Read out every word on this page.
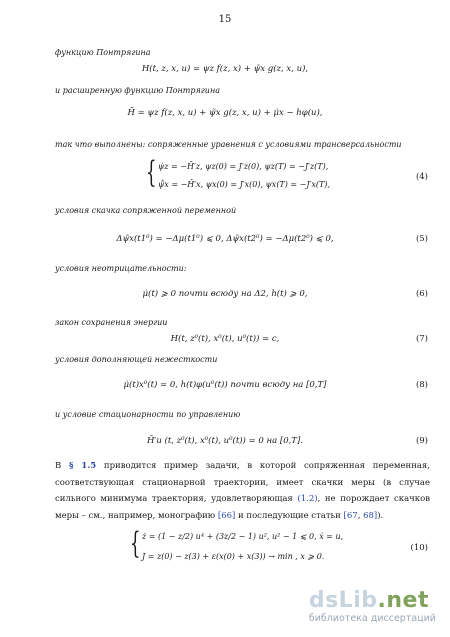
15
функцию Понтрягина
H(t, z, x, u) = ψz f(z, x) + ψ̃x g(z, x, u),
и расширенную функцию Понтрягина
H̄ = ψz f(z, x, u) + ψ̃x g(z, x, u) + μ̇x − hφ(u),
так что выполнены: сопряженные уравнения с условиями трансверсальности
{ ψ̇z = −H̄′z, ψz(0) = J′z(0), ψz(T) = −J′z(T),
ψ̃̇x = −H̄′x, ψx(0) = J′x(0), ψx(T) = −J′x(T),
(4)
условия скачка сопряженной переменной
Δψ̃x(t1⁰) = −Δμ(t1⁰) ⩽ 0, Δψ̃x(t2⁰) = −Δμ(t2⁰) ⩽ 0,	(5)
условия неотрицательности:
μ̇(t) ⩾ 0 почти всюду на Δ2, h(t) ⩾ 0,	(6)
закон сохранения энергии
H(t, z⁰(t), x⁰(t), u⁰(t)) = c,	(7)
условия дополняющей нежесткости
μ̇(t)x⁰(t) = 0, h(t)φ(u⁰(t)) почти всюду на [0,T]	(8)
и условие стационарности по управлению
H̄′u (t, z⁰(t), x⁰(t), u⁰(t)) = 0 на [0,T].	(9)
В § 1.5 приводится пример задачи, в которой сопряженная переменная, соответствующая стационарной траектории, имеет скачки меры (в случае сильного минимума траектория, удовлетворяющая (1.2), не порождает скачков меры – см., например, монографию [66] и последующие статьи [67, 68]).
{ ż = (1 − z/2) u⁴ + (3z/2 − 1) u², u² − 1 ⩽ 0, ẋ = u,
J = z(0) − z(3) + ε(x(0) + x(3)) → min , x ⩾ 0.
(10)
dsLib.net
библиотека диссертаций
